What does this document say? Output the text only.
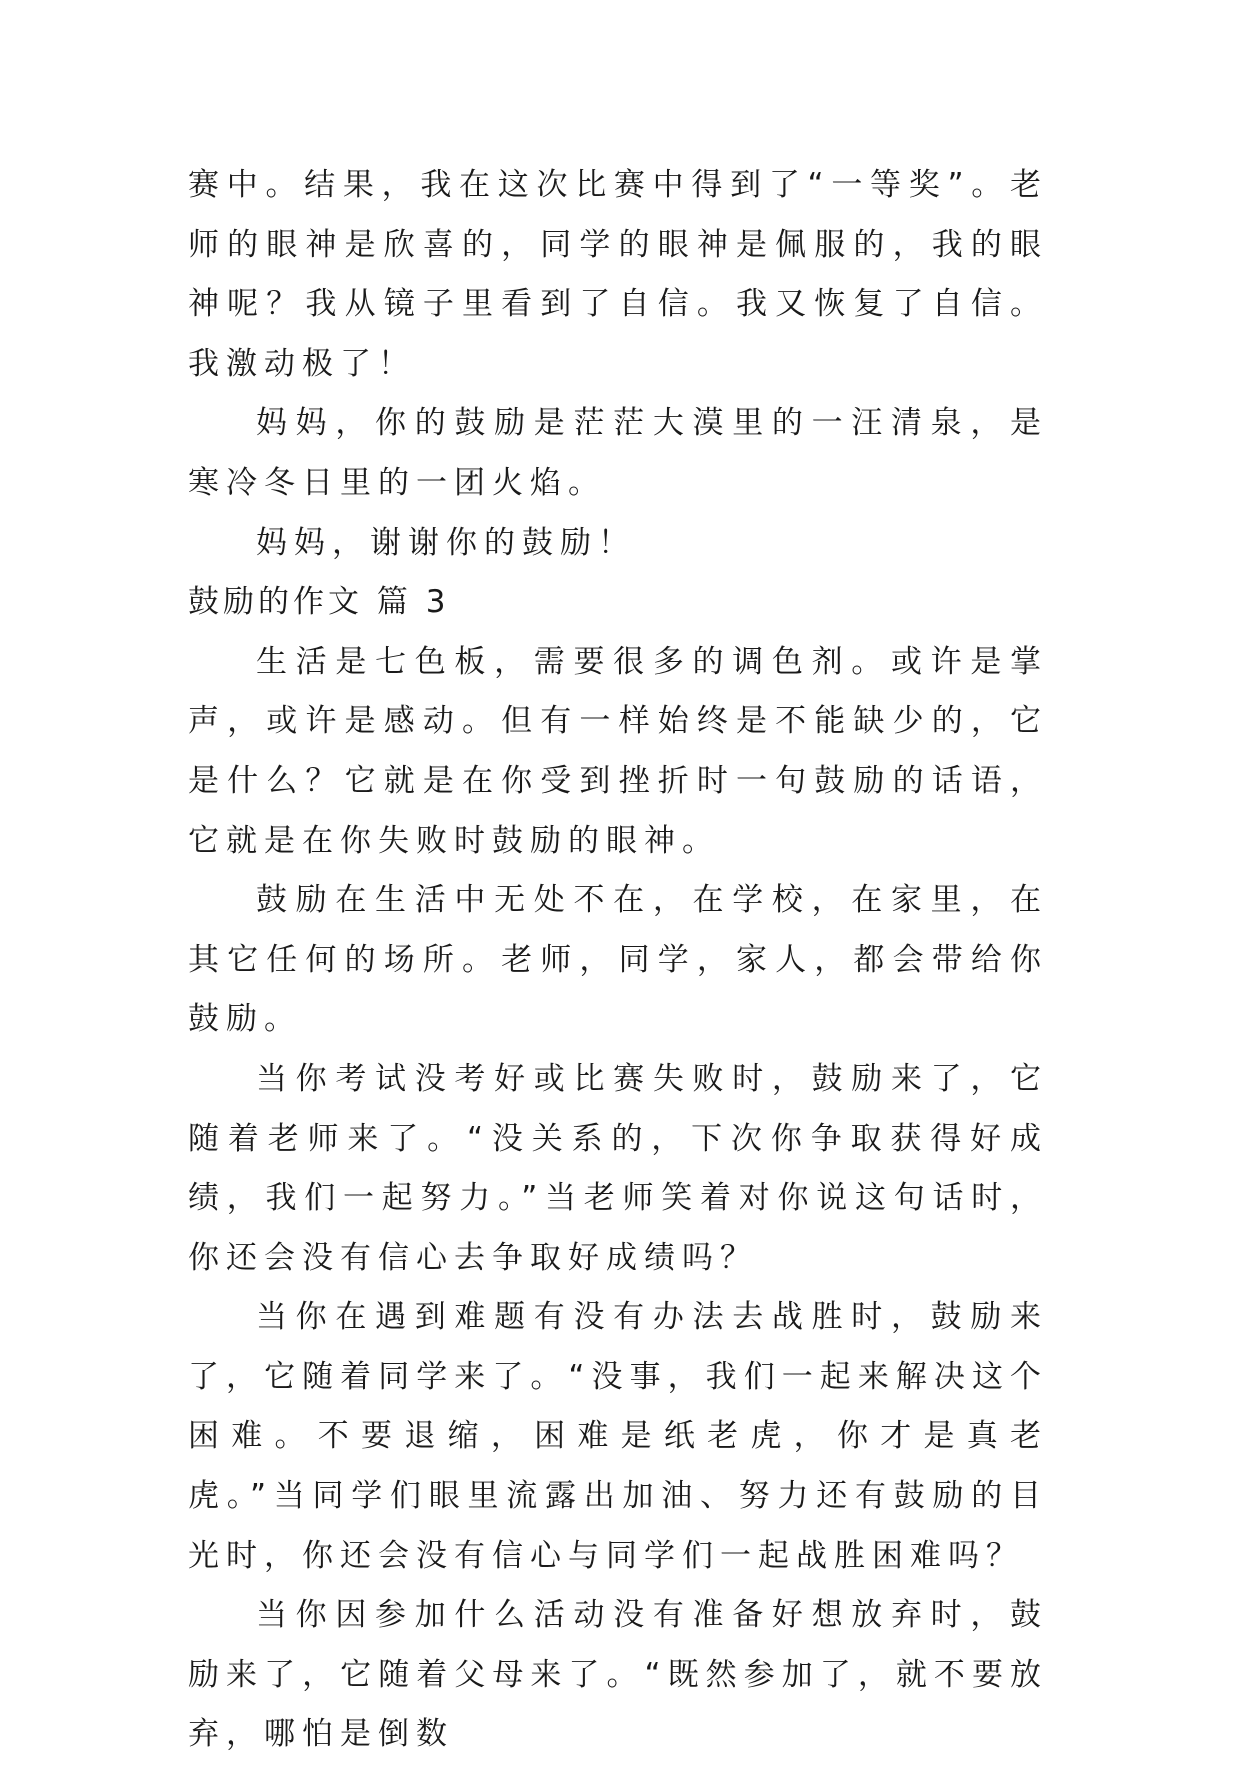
赛中。结果，我在这次比赛中得到了“一等奖”。老师的眼神是欣喜的，同学的眼神是佩服的，我的眼神呢？我从镜子里看到了自信。我又恢复了自信。我激动极了！

妈妈，你的鼓励是茫茫大漠里的一汪清泉，是寒冷冬日里的一团火焰。

妈妈，谢谢你的鼓励！

鼓励的作文 篇 3

生活是七色板，需要很多的调色剂。或许是掌声，或许是感动。但有一样始终是不能缺少的，它是什么？它就是在你受到挫折时一句鼓励的话语，它就是在你失败时鼓励的眼神。

鼓励在生活中无处不在，在学校，在家里，在其它任何的场所。老师，同学，家人，都会带给你鼓励。

当你考试没考好或比赛失败时，鼓励来了，它随着老师来了。“没关系的，下次你争取获得好成绩，我们一起努力。”当老师笑着对你说这句话时，你还会没有信心去争取好成绩吗？

当你在遇到难题有没有办法去战胜时，鼓励来了，它随着同学来了。“没事，我们一起来解决这个困难。不要退缩，困难是纸老虎，你才是真老虎。”当同学们眼里流露出加油、努力还有鼓励的目光时，你还会没有信心与同学们一起战胜困难吗？

当你因参加什么活动没有准备好想放弃时，鼓励来了，它随着父母来了。“既然参加了，就不要放弃，哪怕是倒数
